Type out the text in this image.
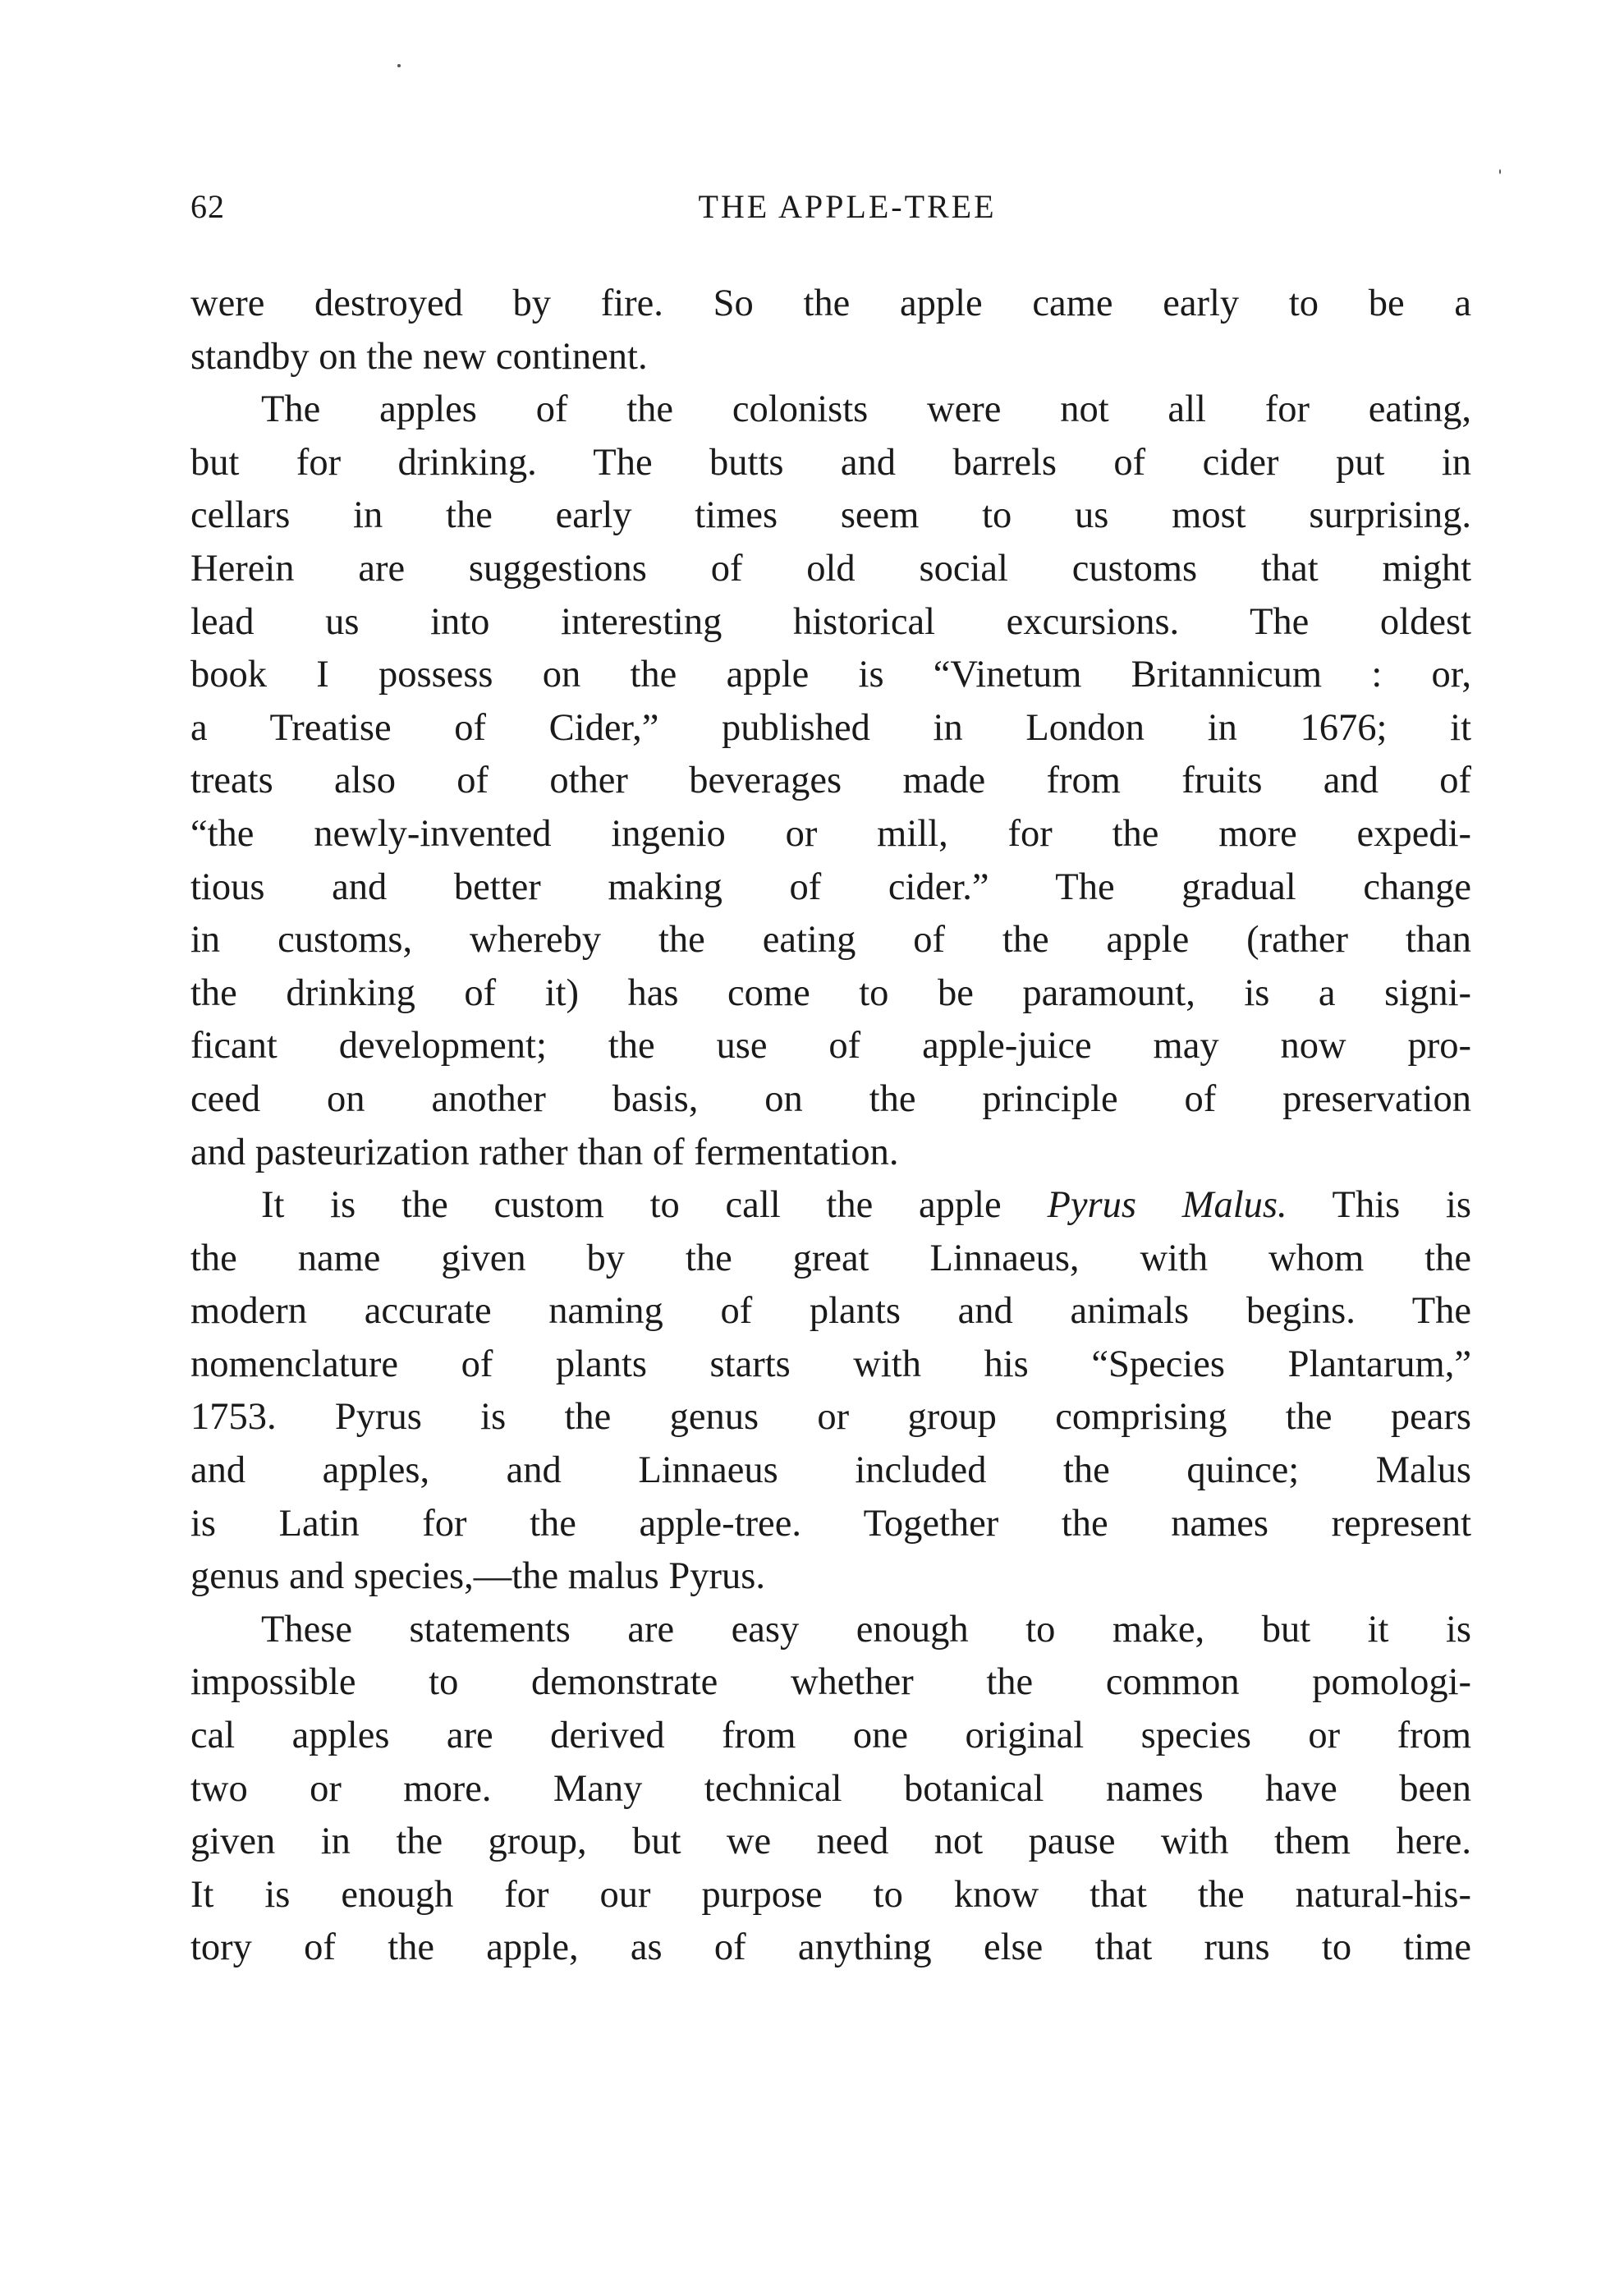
62	THE APPLE-TREE
were destroyed by fire. So the apple came early to be a
standby on the new continent.
The apples of the colonists were not all for eating,
but for drinking. The butts and barrels of cider put in
cellars in the early times seem to us most surprising.
Herein are suggestions of old social customs that might
lead us into interesting historical excursions. The oldest
book I possess on the apple is “Vinetum Britannicum : or,
a Treatise of Cider,” published in London in 1676; it
treats also of other beverages made from fruits and of
“the newly-invented ingenio or mill, for the more expedi-
tious and better making of cider.” The gradual change
in customs, whereby the eating of the apple (rather than
the drinking of it) has come to be paramount, is a signi-
ficant development; the use of apple-juice may now pro-
ceed on another basis, on the principle of preservation
and pasteurization rather than of fermentation.
It is the custom to call the apple Pyrus Malus. This is
the name given by the great Linnaeus, with whom the
modern accurate naming of plants and animals begins. The
nomenclature of plants starts with his “Species Plantarum,”
1753. Pyrus is the genus or group comprising the pears
and apples, and Linnaeus included the quince; Malus
is Latin for the apple-tree. Together the names represent
genus and species,—the malus Pyrus.
These statements are easy enough to make, but it is
impossible to demonstrate whether the common pomologi-
cal apples are derived from one original species or from
two or more. Many technical botanical names have been
given in the group, but we need not pause with them here.
It is enough for our purpose to know that the natural-his-
tory of the apple, as of anything else that runs to time
